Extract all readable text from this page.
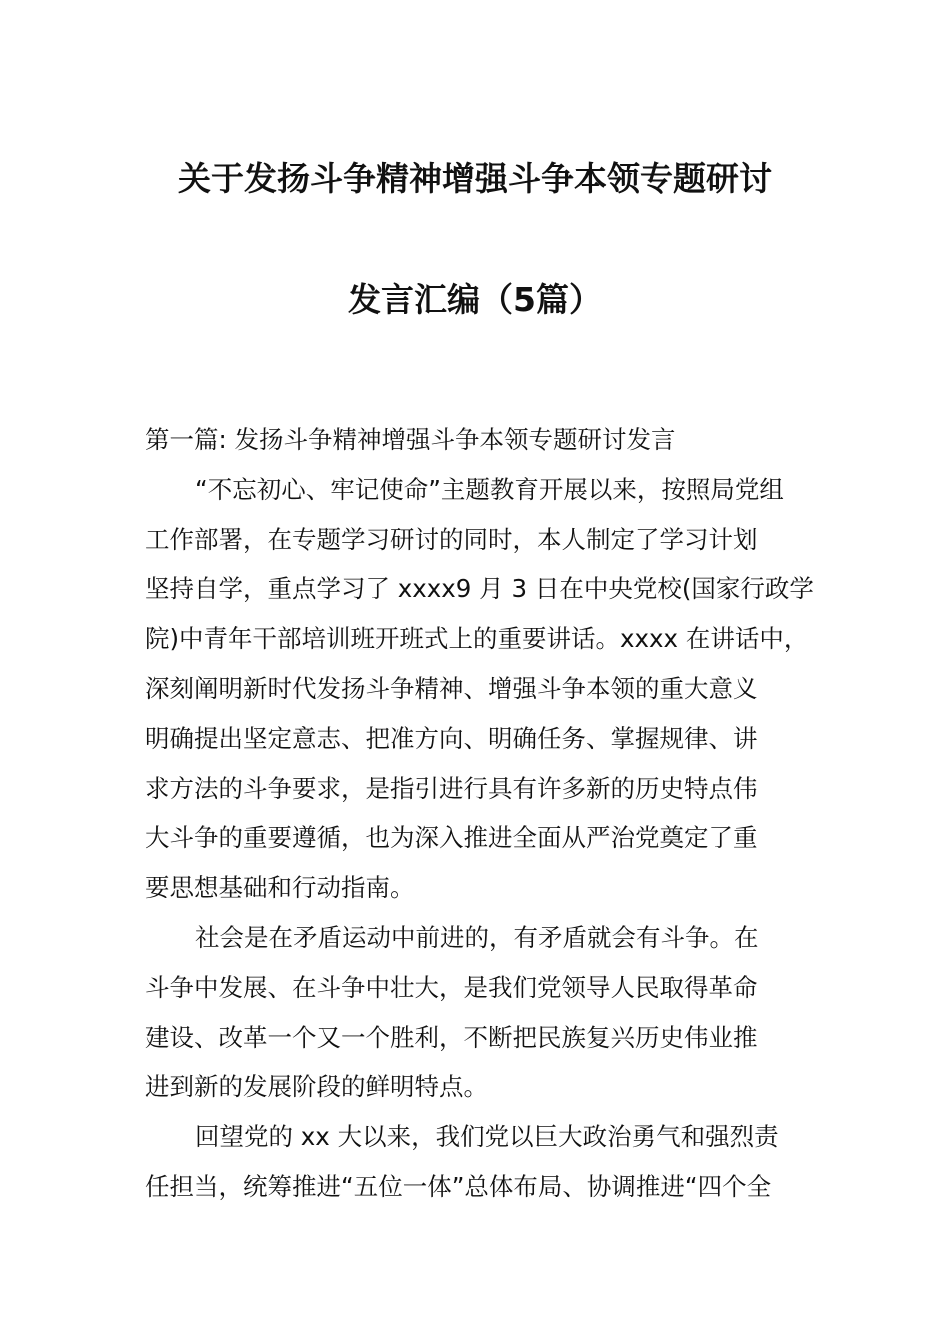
关于发扬斗争精神增强斗争本领专题研讨
发言汇编（5篇）
第一篇: 发扬斗争精神增强斗争本领专题研讨发言
“不忘初心、牢记使命”主题教育开展以来，按照局党组
工作部署，在专题学习研讨的同时，本人制定了学习计划
坚持自学，重点学习了 xxxx9 月 3 日在中央党校(国家行政学
院)中青年干部培训班开班式上的重要讲话。xxxx 在讲话中，
深刻阐明新时代发扬斗争精神、增强斗争本领的重大意义
明确提出坚定意志、把准方向、明确任务、掌握规律、讲
求方法的斗争要求，是指引进行具有许多新的历史特点伟
大斗争的重要遵循，也为深入推进全面从严治党奠定了重
要思想基础和行动指南。
社会是在矛盾运动中前进的，有矛盾就会有斗争。在
斗争中发展、在斗争中壮大，是我们党领导人民取得革命
建设、改革一个又一个胜利，不断把民族复兴历史伟业推
进到新的发展阶段的鲜明特点。
回望党的 xx 大以来，我们党以巨大政治勇气和强烈责
任担当，统筹推进“五位一体”总体布局、协调推进“四个全
